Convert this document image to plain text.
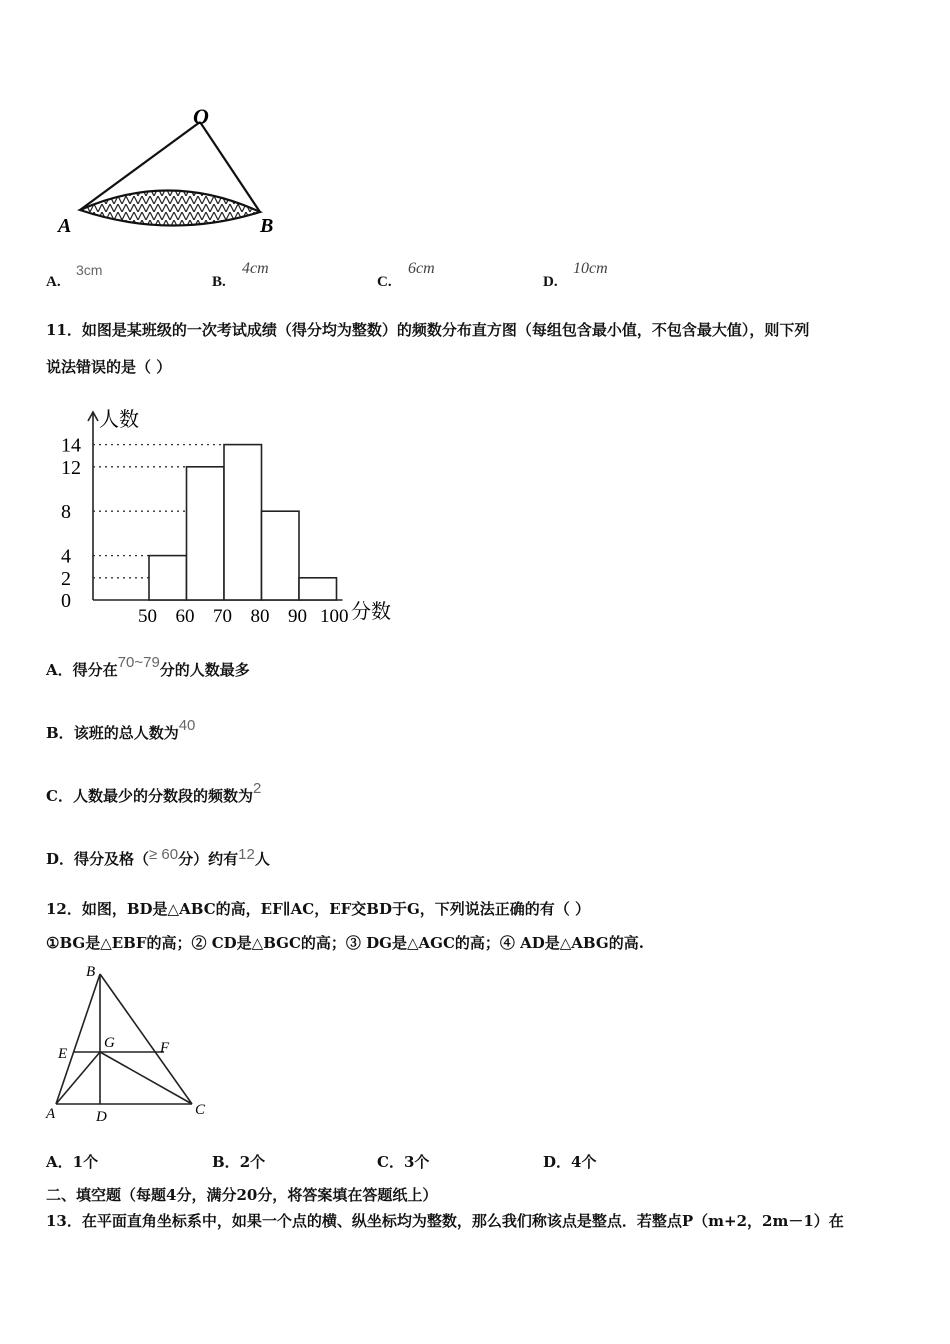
O
A	B
A.
3cm
B.
4cm
C.
6cm
D.
10cm
11．如图是某班级的一次考试成绩（得分均为整数）的频数分布直方图（每组包含最小值，不包含最大值），则下列
说法错误的是（ ）
0
2
4
8
12
14
50 60 70 80 90 100
人数
分数
A．得分在70~79分的人数最多
B．该班的总人数为40
C．人数最少的分数段的频数为2
D．得分及格（≥ 60分）约有12人
12．如图，BD是△ABC的高，EF∥AC，EF交BD于G，下列说法正确的有（ ）
①BG是△EBF的高；② CD是△BGC的高；③ DG是△AGC的高；④ AD是△ABG的高.
B
E
G	F
A	D	C
A．1个	B．2个	C．3个	D．4个
二、填空题（每题4分，满分20分，将答案填在答题纸上）
13．在平面直角坐标系中，如果一个点的横、纵坐标均为整数，那么我们称该点是整点．若整点P（m+2，2m－1）在
